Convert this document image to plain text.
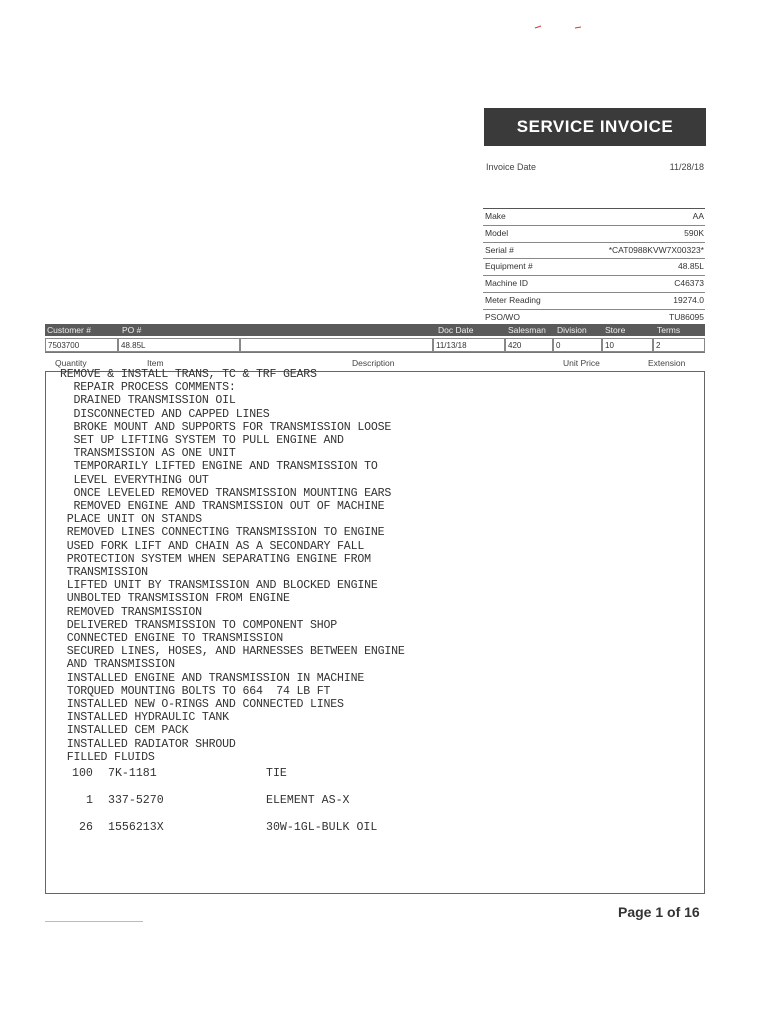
SERVICE INVOICE
Invoice Date	11/28/18
Make	AA
Model	590K
Serial #	*CAT0988KVW7X00323*
Equipment #	48.85L
Machine ID	C46373
Meter Reading	19274.0
PSO/WO	TU86095
Customer #	PO #	Doc Date	Salesman Division Store	Terms
7503700	48.85L	11/13/18	420	0	10	2
Quantity	Item	Description	Unit Price	Extension
REMOVE & INSTALL TRANS, TC & TRF GEARS
REPAIR PROCESS COMMENTS:
DRAINED TRANSMISSION OIL
DISCONNECTED AND CAPPED LINES
BROKE MOUNT AND SUPPORTS FOR TRANSMISSION LOOSE
SET UP LIFTING SYSTEM TO PULL ENGINE AND
TRANSMISSION AS ONE UNIT
TEMPORARILY LIFTED ENGINE AND TRANSMISSION TO
LEVEL EVERYTHING OUT
ONCE LEVELED REMOVED TRANSMISSION MOUNTING EARS
REMOVED ENGINE AND TRANSMISSION OUT OF MACHINE
PLACE UNIT ON STANDS
REMOVED LINES CONNECTING TRANSMISSION TO ENGINE
USED FORK LIFT AND CHAIN AS A SECONDARY FALL
PROTECTION SYSTEM WHEN SEPARATING ENGINE FROM
TRANSMISSION
LIFTED UNIT BY TRANSMISSION AND BLOCKED ENGINE
UNBOLTED TRANSMISSION FROM ENGINE
REMOVED TRANSMISSION
DELIVERED TRANSMISSION TO COMPONENT SHOP
CONNECTED ENGINE TO TRANSMISSION
SECURED LINES, HOSES, AND HARNESSES BETWEEN ENGINE
AND TRANSMISSION
INSTALLED ENGINE AND TRANSMISSION IN MACHINE
TORQUED MOUNTING BOLTS TO 664  74 LB FT
INSTALLED NEW O-RINGS AND CONNECTED LINES
INSTALLED HYDRAULIC TANK
INSTALLED CEM PACK
INSTALLED RADIATOR SHROUD
FILLED FLUIDS
100	7K-1181	TIE
1 337-5270	ELEMENT AS-X
26 1556213X	30W-1GL-BULK OIL
Page 1 of 16
